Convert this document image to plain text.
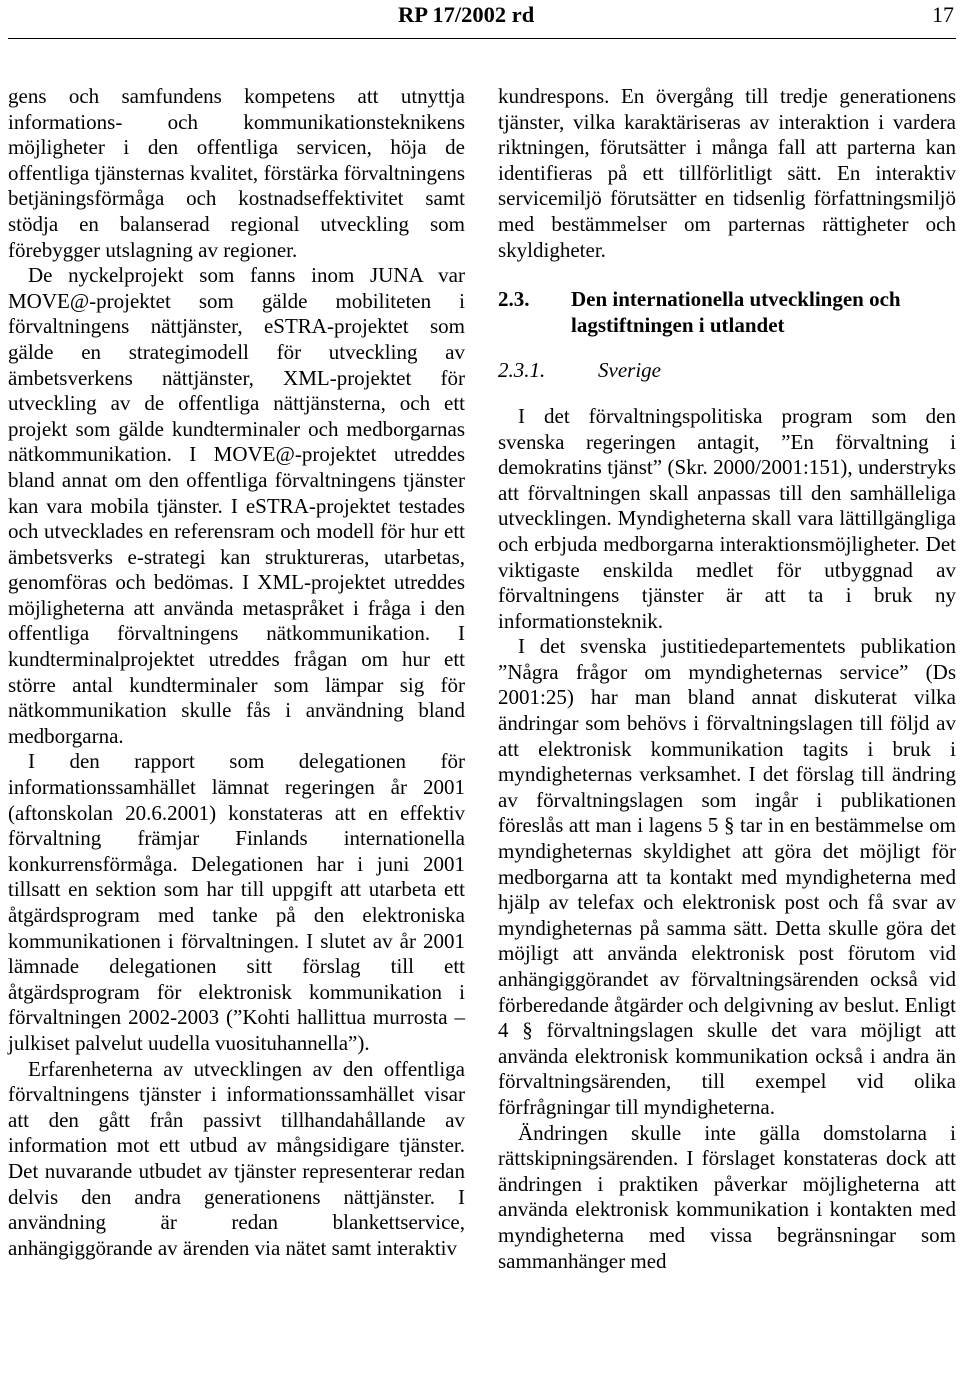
RP 17/2002 rd	17

gens och samfundens kompetens att utnyttja informations- och kommunikationsteknikens möjligheter i den offentliga servicen, höja de offentliga tjänsternas kvalitet, förstärka förvaltningens betjäningsförmåga och kostnadseffektivitet samt stödja en balanserad regional utveckling som förebygger utslagning av regioner.

De nyckelprojekt som fanns inom JUNA var MOVE@-projektet som gälde mobiliteten i förvaltningens nättjänster, eSTRA-projektet som gälde en strategimodell för utveckling av ämbetsverkens nättjänster, XML-projektet för utveckling av de offentliga nättjänsterna, och ett projekt som gälde kundterminaler och medborgarnas nätkommunikation. I MOVE@-projektet utreddes bland annat om den offentliga förvaltningens tjänster kan vara mobila tjänster. I eSTRA-projektet testades och utvecklades en referensram och modell för hur ett ämbetsverks e-strategi kan struktureras, utarbetas, genomföras och bedömas. I XML-projektet utreddes möjligheterna att använda metaspråket i fråga i den offentliga förvaltningens nätkommunikation. I kundterminalprojektet utreddes frågan om hur ett större antal kundterminaler som lämpar sig för nätkommunikation skulle fås i användning bland medborgarna.

I den rapport som delegationen för informationssamhället lämnat regeringen år 2001 (aftonskolan 20.6.2001) konstateras att en effektiv förvaltning främjar Finlands internationella konkurrensförmåga. Delegationen har i juni 2001 tillsatt en sektion som har till uppgift att utarbeta ett åtgärdsprogram med tanke på den elektroniska kommunikationen i förvaltningen. I slutet av år 2001 lämnade delegationen sitt förslag till ett åtgärdsprogram för elektronisk kommunikation i förvaltningen 2002-2003 (”Kohti hallittua murrosta – julkiset palvelut uudella vuosituhannella”).

Erfarenheterna av utvecklingen av den offentliga förvaltningens tjänster i informationssamhället visar att den gått från passivt tillhandahållande av information mot ett utbud av mångsidigare tjänster. Det nuvarande utbudet av tjänster representerar redan delvis den andra generationens nättjänster. I användning är redan blankettservice, anhängiggörande av ärenden via nätet samt interaktiv

kundrespons. En övergång till tredje generationens tjänster, vilka karaktäriseras av interaktion i vardera riktningen, förutsätter i många fall att parterna kan identifieras på ett tillförlitligt sätt. En interaktiv servicemiljö förutsätter en tidsenlig författningsmiljö med bestämmelser om parternas rättigheter och skyldigheter.

2.3.	Den internationella utvecklingen och lagstiftningen i utlandet
2.3.1.	Sverige

I det förvaltningspolitiska program som den svenska regeringen antagit, ”En förvaltning i demokratins tjänst” (Skr. 2000/2001:151), understryks att förvaltningen skall anpassas till den samhälleliga utvecklingen. Myndigheterna skall vara lättillgängliga och erbjuda medborgarna interaktionsmöjligheter. Det viktigaste enskilda medlet för utbyggnad av förvaltningens tjänster är att ta i bruk ny informationsteknik.

I det svenska justitiedepartementets publikation ”Några frågor om myndigheternas service” (Ds 2001:25) har man bland annat diskuterat vilka ändringar som behövs i förvaltningslagen till följd av att elektronisk kommunikation tagits i bruk i myndigheternas verksamhet. I det förslag till ändring av förvaltningslagen som ingår i publikationen föreslås att man i lagens 5 § tar in en bestämmelse om myndigheternas skyldighet att göra det möjligt för medborgarna att ta kontakt med myndigheterna med hjälp av telefax och elektronisk post och få svar av myndigheternas på samma sätt. Detta skulle göra det möjligt att använda elektronisk post förutom vid anhängiggörandet av förvaltningsärenden också vid förberedande åtgärder och delgivning av beslut. Enligt 4 § förvaltningslagen skulle det vara möjligt att använda elektronisk kommunikation också i andra än förvaltningsärenden, till exempel vid olika förfrågningar till myndigheterna.

Ändringen skulle inte gälla domstolarna i rättskipningsärenden. I förslaget konstateras dock att ändringen i praktiken påverkar möjligheterna att använda elektronisk kommunikation i kontakten med myndigheterna med vissa begränsningar som sammanhänger med
